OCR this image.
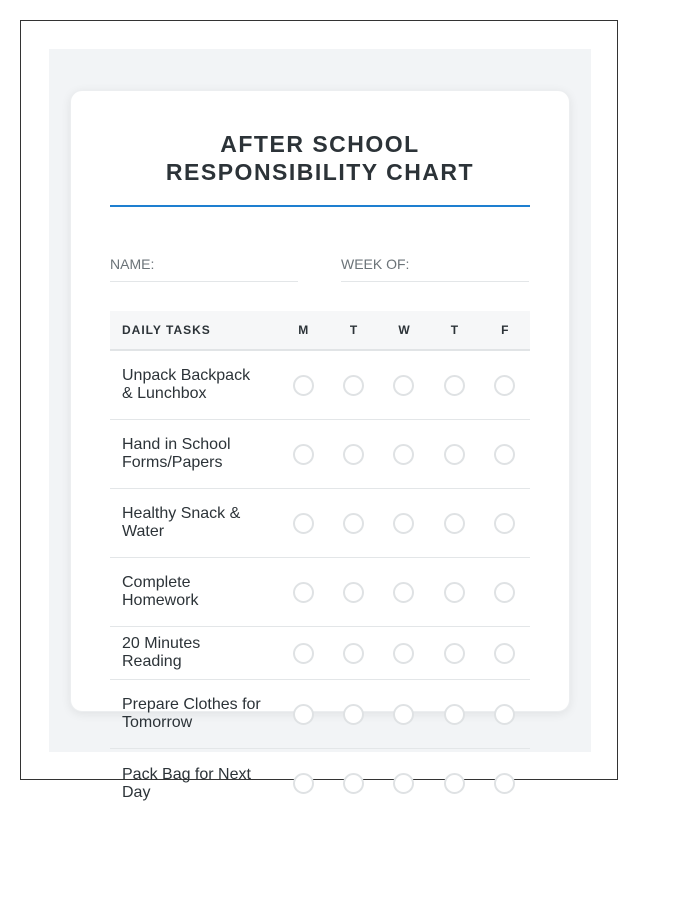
AFTER SCHOOL
RESPONSIBILITY CHART
NAME:	WEEK OF:
DAILY TASKS	M	T	W	T	F
Unpack Backpack & Lunchbox
Hand in School Forms/Papers
Healthy Snack & Water
Complete Homework
20 Minutes Reading
Prepare Clothes for Tomorrow
Pack Bag for Next Day
